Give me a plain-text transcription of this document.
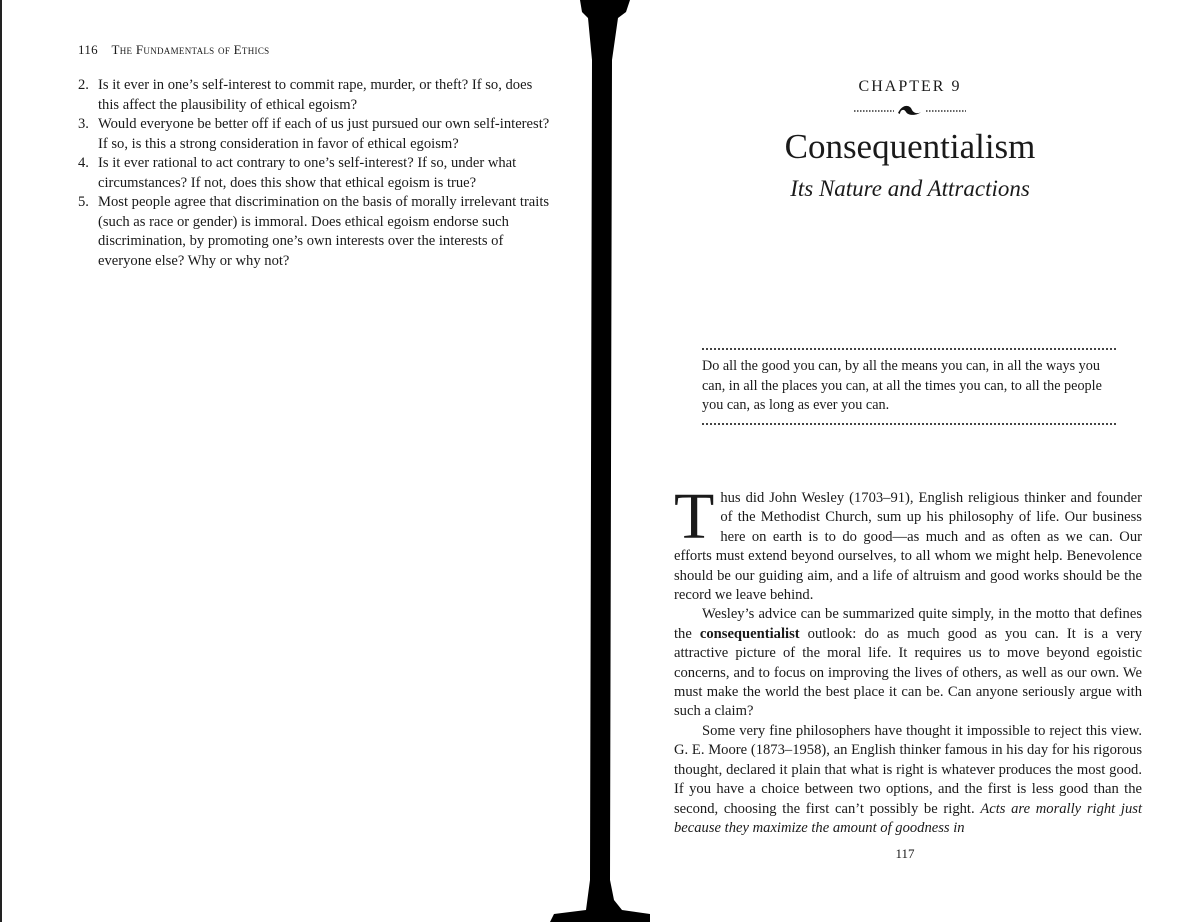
116 The Fundamentals of Ethics
2. Is it ever in one’s self-interest to commit rape, murder, or theft? If so, does this affect the plausibility of ethical egoism?
3. Would everyone be better off if each of us just pursued our own self-interest? If so, is this a strong consideration in favor of ethical egoism?
4. Is it ever rational to act contrary to one’s self-interest? If so, under what circumstances? If not, does this show that ethical egoism is true?
5. Most people agree that discrimination on the basis of morally irrelevant traits (such as race or gender) is immoral. Does ethical egoism endorse such discrimination, by promoting one’s own interests over the interests of everyone else? Why or why not?
CHAPTER 9
Consequentialism
Its Nature and Attractions
Do all the good you can, by all the means you can, in all the ways you can, in all the places you can, at all the times you can, to all the people you can, as long as ever you can.

Thus did John Wesley (1703–91), English religious thinker and founder of the Methodist Church, sum up his philosophy of life. Our business here on earth is to do good—as much and as often as we can. Our efforts must extend beyond ourselves, to all whom we might help. Benevolence should be our guiding aim, and a life of altruism and good works should be the record we leave behind.

Wesley’s advice can be summarized quite simply, in the motto that defines the consequentialist outlook: do as much good as you can. It is a very attractive picture of the moral life. It requires us to move beyond egoistic concerns, and to focus on improving the lives of others, as well as our own. We must make the world the best place it can be. Can anyone seriously argue with such a claim?

Some very fine philosophers have thought it impossible to reject this view. G. E. Moore (1873–1958), an English thinker famous in his day for his rigorous thought, declared it plain that what is right is whatever produces the most good. If you have a choice between two options, and the first is less good than the second, choosing the first can’t possibly be right. Acts are morally right just because they maximize the amount of goodness in

117
